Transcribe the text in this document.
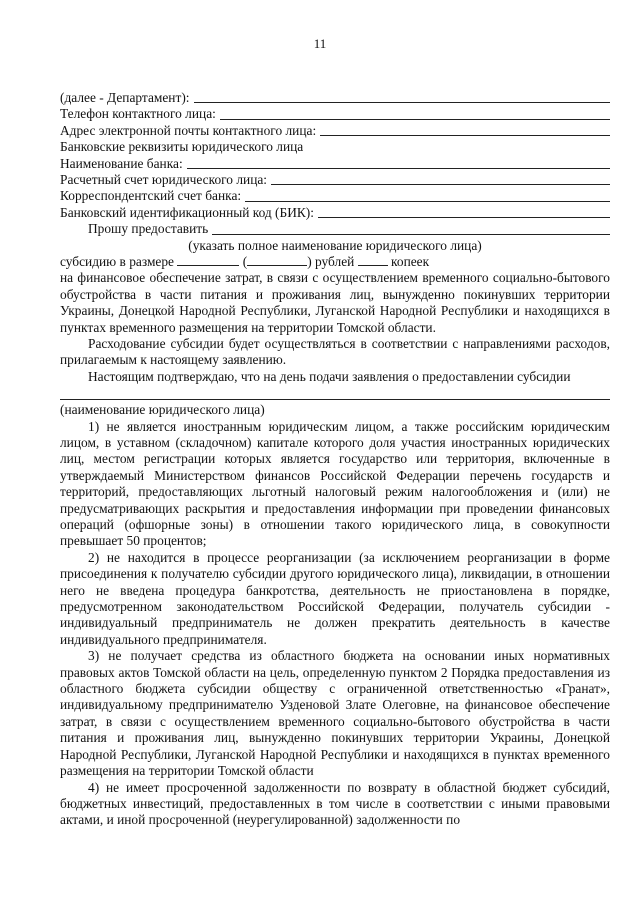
11
(далее - Департамент):
Телефон контактного лица:
Адрес электронной почты контактного лица:
Банковские реквизиты юридического лица
Наименование банка:
Расчетный счет юридического лица:
Корреспондентский счет банка:
Банковский идентификационный код (БИК):
Прошу предоставить
(указать полное наименование юридического лица)
субсидию в размере	(	) рублей	копеек
на финансовое обеспечение затрат, в связи с осуществлением временного социально-бытового обустройства в части питания и проживания лиц, вынужденно покинувших территории Украины, Донецкой Народной Республики, Луганской Народной Республики и находящихся в пунктах временного размещения на территории Томской области.
Расходование субсидии будет осуществляться в соответствии с направлениями расходов, прилагаемым к настоящему заявлению.
Настоящим подтверждаю, что на день подачи заявления о предоставлении субсидии
(наименование юридического лица)
1) не является иностранным юридическим лицом, а также российским юридическим лицом, в уставном (складочном) капитале которого доля участия иностранных юридических лиц, местом регистрации которых является государство или территория, включенные в утверждаемый Министерством финансов Российской Федерации перечень государств и территорий, предоставляющих льготный налоговый режим налогообложения и (или) не предусматривающих раскрытия и предоставления информации при проведении финансовых операций (офшорные зоны) в отношении такого юридического лица, в совокупности превышает 50 процентов;
2) не находится в процессе реорганизации (за исключением реорганизации в форме присоединения к получателю субсидии другого юридического лица), ликвидации, в отношении него не введена процедура банкротства, деятельность не приостановлена в порядке, предусмотренном законодательством Российской Федерации, получатель субсидии - индивидуальный предприниматель не должен прекратить деятельность в качестве индивидуального предпринимателя.
3) не получает средства из областного бюджета на основании иных нормативных правовых актов Томской области на цель, определенную пунктом 2 Порядка предоставления из областного бюджета субсидии обществу с ограниченной ответственностью «Гранат», индивидуальному предпринимателю Узденовой Злате Олеговне, на финансовое обеспечение затрат, в связи с осуществлением временного социально-бытового обустройства в части питания и проживания лиц, вынужденно покинувших территории Украины, Донецкой Народной Республики, Луганской Народной Республики и находящихся в пунктах временного размещения на территории Томской области
4) не имеет просроченной задолженности по возврату в областной бюджет субсидий, бюджетных инвестиций, предоставленных в том числе в соответствии с иными правовыми актами, и иной просроченной (неурегулированной) задолженности по
